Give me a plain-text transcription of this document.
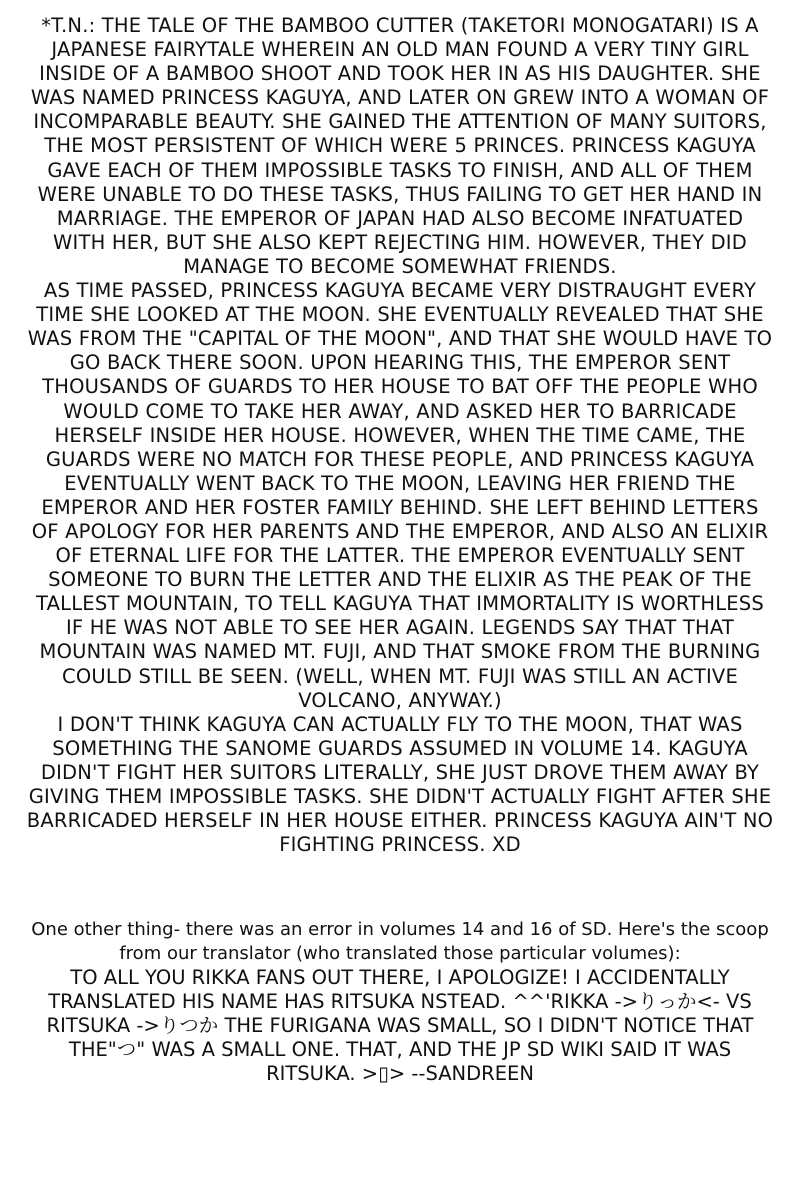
*T.N.: THE TALE OF THE BAMBOO CUTTER (TAKETORI MONOGATARI) IS A
JAPANESE FAIRYTALE WHEREIN AN OLD MAN FOUND A VERY TINY GIRL
INSIDE OF A BAMBOO SHOOT AND TOOK HER IN AS HIS DAUGHTER. SHE
WAS NAMED PRINCESS KAGUYA, AND LATER ON GREW INTO A WOMAN OF
INCOMPARABLE BEAUTY. SHE GAINED THE ATTENTION OF MANY SUITORS,
THE MOST PERSISTENT OF WHICH WERE 5 PRINCES. PRINCESS KAGUYA
GAVE EACH OF THEM IMPOSSIBLE TASKS TO FINISH, AND ALL OF THEM
WERE UNABLE TO DO THESE TASKS, THUS FAILING TO GET HER HAND IN
MARRIAGE. THE EMPEROR OF JAPAN HAD ALSO BECOME INFATUATED
WITH HER, BUT SHE ALSO KEPT REJECTING HIM. HOWEVER, THEY DID
MANAGE TO BECOME SOMEWHAT FRIENDS.

AS TIME PASSED, PRINCESS KAGUYA BECAME VERY DISTRAUGHT EVERY
TIME SHE LOOKED AT THE MOON. SHE EVENTUALLY REVEALED THAT SHE
WAS FROM THE "CAPITAL OF THE MOON", AND THAT SHE WOULD HAVE TO
GO BACK THERE SOON. UPON HEARING THIS, THE EMPEROR SENT
THOUSANDS OF GUARDS TO HER HOUSE TO BAT OFF THE PEOPLE WHO
WOULD COME TO TAKE HER AWAY, AND ASKED HER TO BARRICADE
HERSELF INSIDE HER HOUSE. HOWEVER, WHEN THE TIME CAME, THE
GUARDS WERE NO MATCH FOR THESE PEOPLE, AND PRINCESS KAGUYA
EVENTUALLY WENT BACK TO THE MOON, LEAVING HER FRIEND THE
EMPEROR AND HER FOSTER FAMILY BEHIND. SHE LEFT BEHIND LETTERS
OF APOLOGY FOR HER PARENTS AND THE EMPEROR, AND ALSO AN ELIXIR
OF ETERNAL LIFE FOR THE LATTER. THE EMPEROR EVENTUALLY SENT
SOMEONE TO BURN THE LETTER AND THE ELIXIR AS THE PEAK OF THE
TALLEST MOUNTAIN, TO TELL KAGUYA THAT IMMORTALITY IS WORTHLESS
IF HE WAS NOT ABLE TO SEE HER AGAIN. LEGENDS SAY THAT THAT
MOUNTAIN WAS NAMED MT. FUJI, AND THAT SMOKE FROM THE BURNING
COULD STILL BE SEEN. (WELL, WHEN MT. FUJI WAS STILL AN ACTIVE
VOLCANO, ANYWAY.)

I DON'T THINK KAGUYA CAN ACTUALLY FLY TO THE MOON, THAT WAS
SOMETHING THE SANOME GUARDS ASSUMED IN VOLUME 14. KAGUYA
DIDN'T FIGHT HER SUITORS LITERALLY, SHE JUST DROVE THEM AWAY BY
GIVING THEM IMPOSSIBLE TASKS. SHE DIDN'T ACTUALLY FIGHT AFTER SHE
BARRICADED HERSELF IN HER HOUSE EITHER. PRINCESS KAGUYA AIN'T NO
FIGHTING PRINCESS. XD

One other thing- there was an error in volumes 14 and 16 of SD. Here's the scoop
from our translator (who translated those particular volumes):

TO ALL YOU RIKKA FANS OUT THERE, I APOLOGIZE! I ACCIDENTALLY
TRANSLATED HIS NAME HAS RITSUKA NSTEAD. ^^'RIKKA ->りっか<- VS
RITSUKA ->りつか THE FURIGANA WAS SMALL, SO I DIDN'T NOTICE THAT
THE"つ" WAS A SMALL ONE. THAT, AND THE JP SD WIKI SAID IT WAS
RITSUKA. >▯> --SANDREEN
